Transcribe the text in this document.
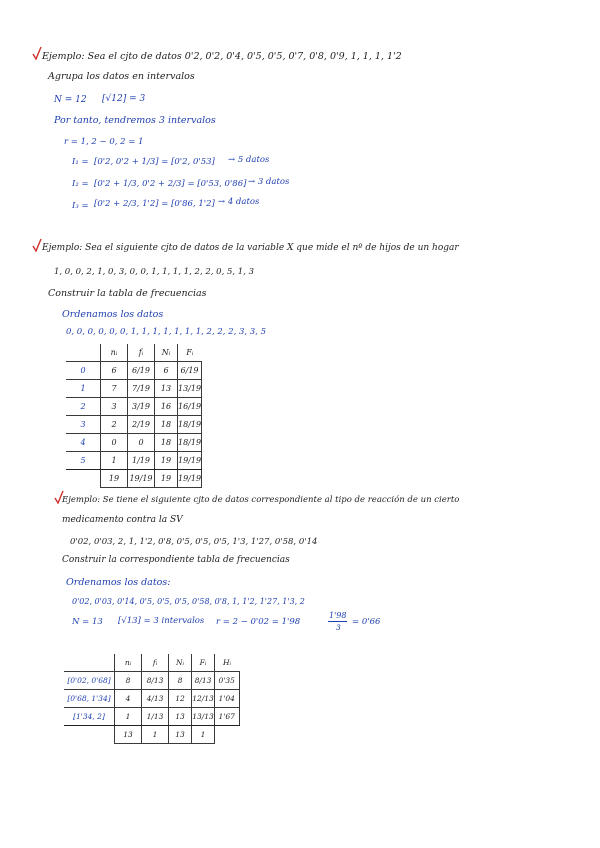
Ejemplo: Sea el cjto de datos 0'2, 0'2, 0'4, 0'5, 0'5, 0'7, 0'8, 0'9, 1, 1, 1, 1'2
Agrupa los datos en intervalos
N = 12 [√12] = 3
Por tanto, tendremos 3 intervalos
r = 1, 2 − 0, 2 = 1
I₁ = [0'2, 0'2 + 1/3] = [0'2, 0'53] → 5 datos
I₂ = [0'2 + 1/3, 0'2 + 2/3] = [0'53, 0'86] → 3 datos
I₃ = [0'2 + 2/3, 1'2] = [0'86, 1'2] → 4 datos
Ejemplo: Sea el siguiente cjto de datos de la variable X que mide el nº de hijos de un hogar
1, 0, 0, 2, 1, 0, 3, 0, 0, 1, 1, 1, 1, 2, 2, 0, 5, 1, 3
Construir la tabla de frecuencias
Ordenamos los datos
0, 0, 0, 0, 0, 0, 1, 1, 1, 1, 1, 1, 1, 2, 2, 2, 3, 3, 5
	nᵢ	fᵢ	Nᵢ	Fᵢ
0	6	6/19	6	6/19
1	7	7/19	13	13/19
2	3	3/19	16	16/19
3	2	2/19	18	18/19
4	0	0	18	18/19
5	1	1/19	19	19/19
	19	19/19	19	19/19
Ejemplo: Se tiene el siguiente cjto de datos correspondiente al tipo de reacción de un cierto
medicamento contra la SV
0'02, 0'03, 2, 1, 1'2, 0'8, 0'5, 0'5, 0'5, 1'3, 1'27, 0'58, 0'14
Construir la correspondiente tabla de frecuencias
Ordenamos los datos:
0'02, 0'03, 0'14, 0'5, 0'5, 0'5, 0'58, 0'8, 1, 1'2, 1'27, 1'3, 2
N = 13 [√13] = 3 intervalos r = 2 − 0'02 = 1'98
1'98
3
= 0'66
	nᵢ	fᵢ	Nᵢ	Fᵢ	Hᵢ
[0'02, 0'68]	8	8/13	8	8/13	0'35
[0'68, 1'34]	4	4/13	12	12/13	1'04
[1'34, 2]	1	1/13	13	13/13	1'67
	13	1	13	1	
